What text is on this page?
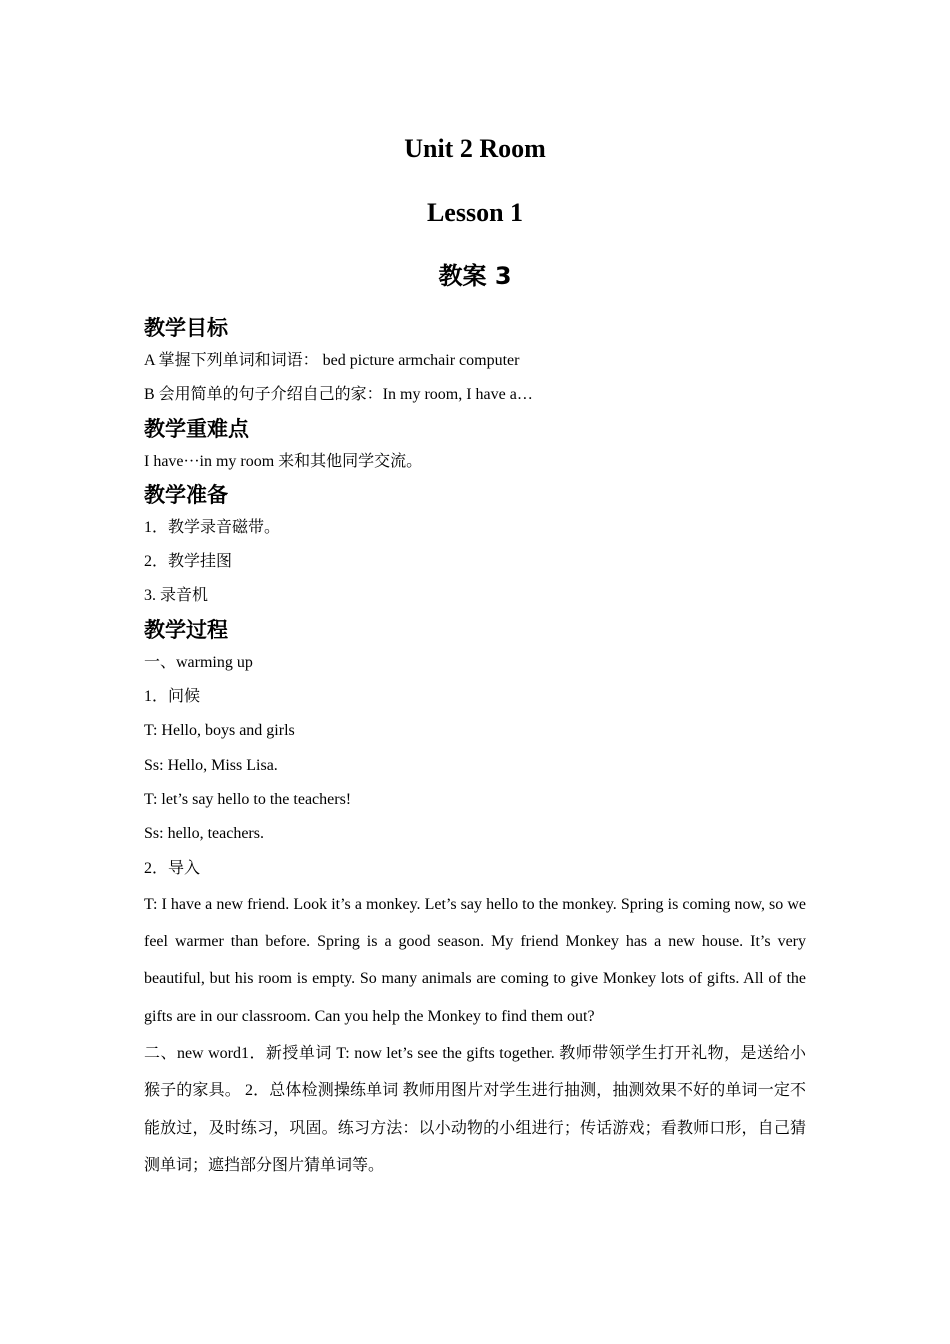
Unit 2 Room
Lesson 1
教案 3
教学目标
A 掌握下列单词和词语： bed picture armchair computer
B 会用简单的句子介绍自己的家：In my room, I have a…
教学重难点
I have···in my room 来和其他同学交流。
教学准备
1．教学录音磁带。
2．教学挂图
3. 录音机
教学过程
一、warming up
1．问候
T: Hello, boys and girls
Ss: Hello, Miss Lisa.
T: let’s say hello to the teachers!
Ss: hello, teachers.
2．导入

T: I have a new friend. Look it’s a monkey. Let’s say hello to the monkey. Spring is coming now, so we feel warmer than before. Spring is a good season. My friend Monkey has a new house. It’s very beautiful, but his room is empty. So many animals are coming to give Monkey lots of gifts. All of the gifts are in our classroom. Can you help the Monkey to find them out?

二、new word1．新授单词 T: now let’s see the gifts together. 教师带领学生打开礼物，是送给小猴子的家具。 2．总体检测操练单词 教师用图片对学生进行抽测，抽测效果不好的单词一定不能放过，及时练习，巩固。练习方法：以小动物的小组进行；传话游戏；看教师口形，自己猜测单词；遮挡部分图片猜单词等。
